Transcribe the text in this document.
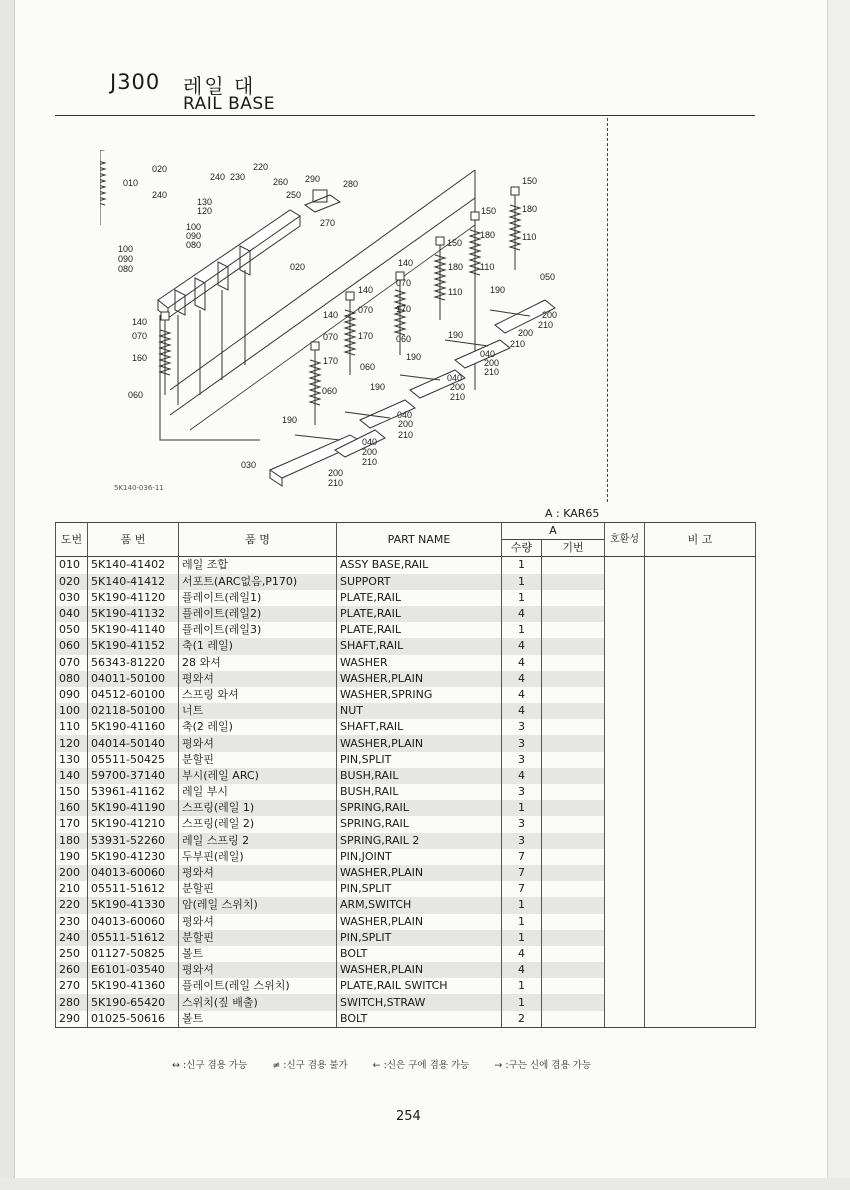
J300 레일 대
RAIL BASE
020
010
240
240 230
220
260 290	280
250
270
130
120
100
090
080
100
090
080	020
140
070
160
060
140
070
170
140
070
170
140
070
170
060
190
060
190
060
190
150
180
110
150
180
110
150
180
110
050
200
210
200
210
040
200
210
040
200
210
040
200
210
040
200
210
030
200
210
190
190
5K140-036-11
A : KAR65
도번	품 번	품 명	PART NAME	A		호환성	비 고
				수량	기번		
010	5K140-41402	레일 조합	ASSY BASE,RAIL	1			
020	5K140-41412	서포트(ARC없음,P170)	SUPPORT	1			
030	5K190-41120	플레이트(레일1)	PLATE,RAIL	1			
040	5K190-41132	플레이트(레일2)	PLATE,RAIL	4			
050	5K190-41140	플레이트(레일3)	PLATE,RAIL	1			
060	5K190-41152	축(1 레일)	SHAFT,RAIL	4			
070	56343-81220	28 와셔	WASHER	4			
080	04011-50100	평와셔	WASHER,PLAIN	4			
090	04512-60100	스프링 와셔	WASHER,SPRING	4			
100	02118-50100	너트	NUT	4			
110	5K190-41160	축(2 레일)	SHAFT,RAIL	3			
120	04014-50140	평와셔	WASHER,PLAIN	3			
130	05511-50425	분할핀	PIN,SPLIT	3			
140	59700-37140	부시(레일 ARC)	BUSH,RAIL	4			
150	53961-41162	레일 부시	BUSH,RAIL	3			
160	5K190-41190	스프링(레일 1)	SPRING,RAIL	1			
170	5K190-41210	스프링(레일 2)	SPRING,RAIL	3			
180	53931-52260	레일 스프링 2	SPRING,RAIL 2	3			
190	5K190-41230	두부핀(레일)	PIN,JOINT	7			
200	04013-60060	평와셔	WASHER,PLAIN	7			
210	05511-51612	분할핀	PIN,SPLIT	7			
220	5K190-41330	암(레일 스위치)	ARM,SWITCH	1			
230	04013-60060	평와셔	WASHER,PLAIN	1			
240	05511-51612	분할핀	PIN,SPLIT	1			
250	01127-50825	볼트	BOLT	4			
260	E6101-03540	평와셔	WASHER,PLAIN	4			
270	5K190-41360	플레이트(레일 스위치)	PLATE,RAIL SWITCH	1			
280	5K190-65420	스위치(짚 배출)	SWITCH,STRAW	1			
290	01025-50616	볼트	BOLT	2			
↔ :신구 겸용 가능	≠ :신구 겸용 불가	← :신은 구에 겸용 가능	→ :구는 신에 겸용 가능
254
